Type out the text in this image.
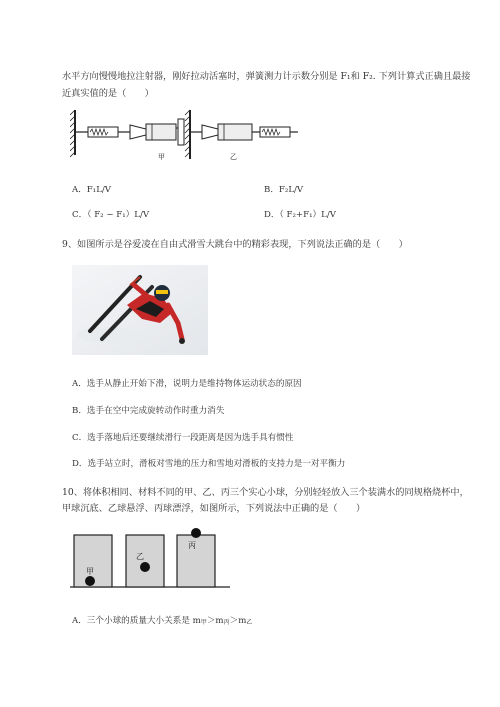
水平方向慢慢地拉注射器，刚好拉动活塞时，弹簧测力计示数分别是 F₁和 F₂. 下列计算式正确且最接
近真实值的是（　　）
甲	乙
A．F₁L/V	B．F₂L/V
C．（ F₂ − F₁）L/V	D．（ F₂+F₁）L/V
9、如图所示是谷爱凌在自由式滑雪大跳台中的精彩表现，下列说法正确的是（　　）
A．选手从静止开始下滑，说明力是维持物体运动状态的原因
B．选手在空中完成旋转动作时重力消失
C．选手落地后还要继续滑行一段距离是因为选手具有惯性
D．选手站立时，滑板对雪地的压力和雪地对滑板的支持力是一对平衡力
10、将体积相同、材料不同的甲、乙、丙三个实心小球，分别轻轻放入三个装满水的同规格烧杯中，
甲球沉底、乙球悬浮、丙球漂浮，如图所示，下列说法中正确的是（　　）
甲
乙
丙
A．三个小球的质量大小关系是 m甲＞m丙＞m乙
